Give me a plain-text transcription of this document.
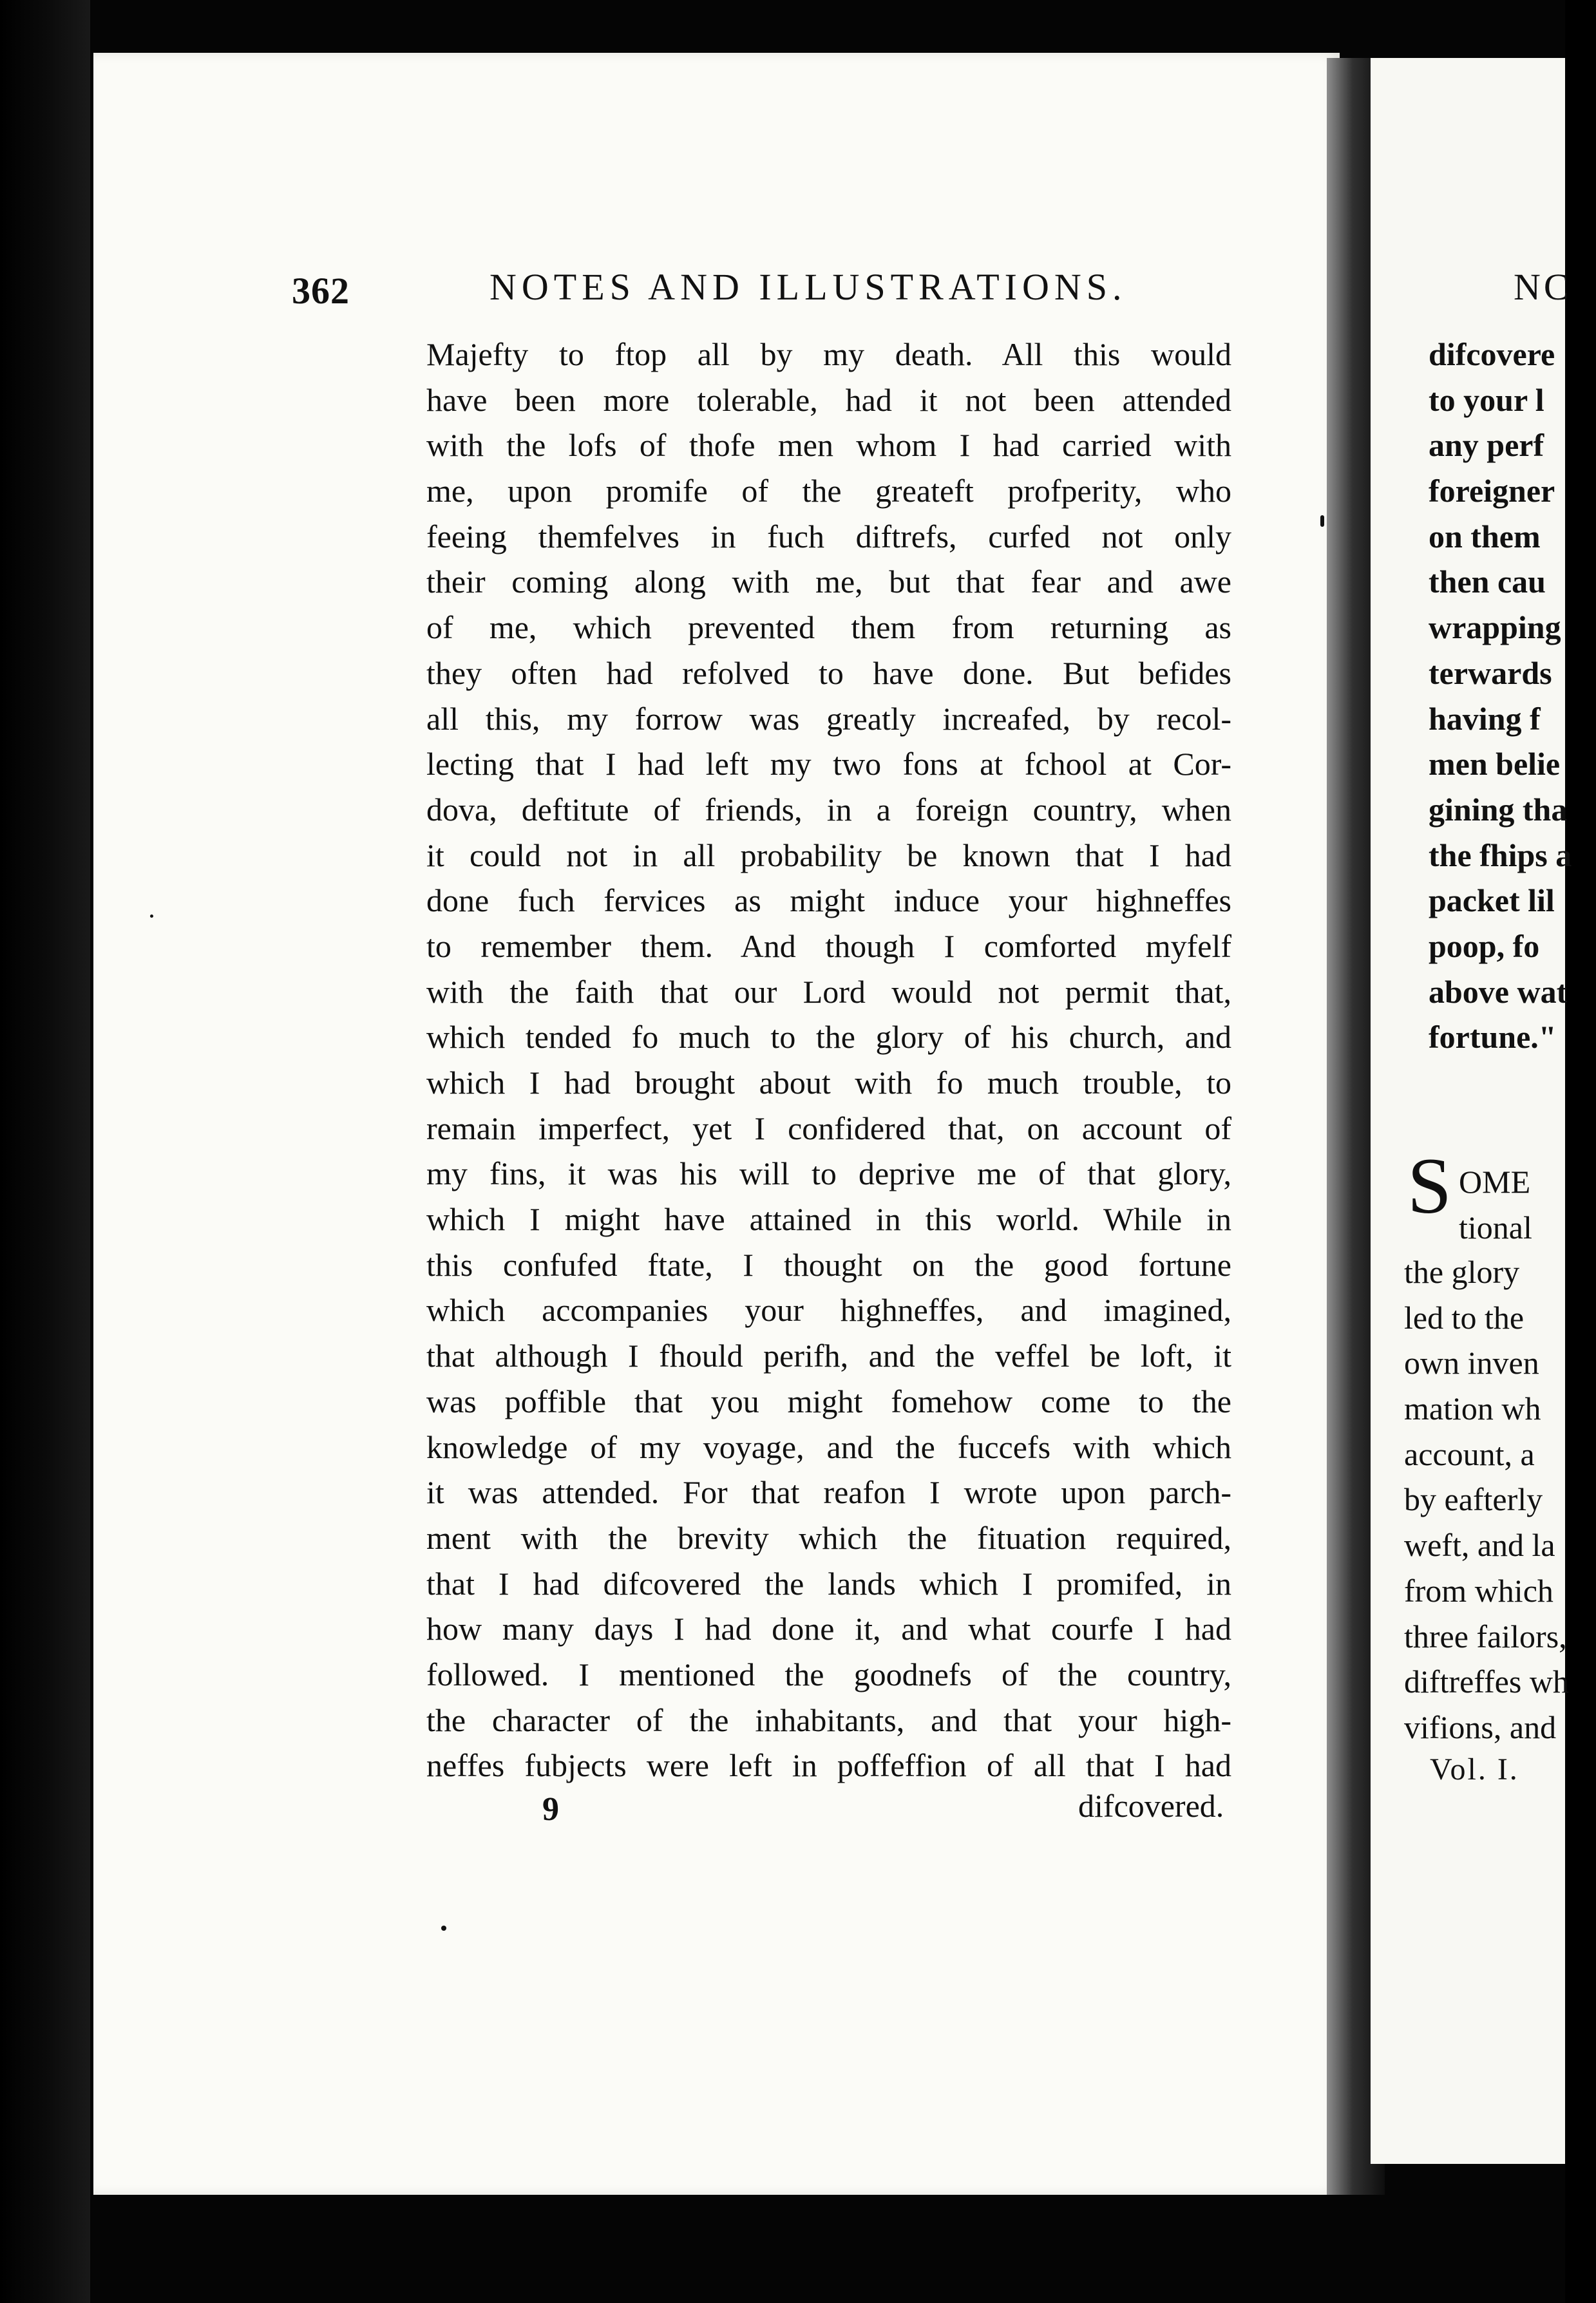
362	NOTES AND ILLUSTRATIONS.
Majefty to ftop all by my death. All this would
have been more tolerable, had it not been attended
with the lofs of thofe men whom I had carried with
me, upon promife of the greateft profperity, who
feeing themfelves in fuch diftrefs, curfed not only
their coming along with me, but that fear and awe
of me, which prevented them from returning as
they often had refolved to have done. But befides
all this, my forrow was greatly increafed, by recol-
lecting that I had left my two fons at fchool at Cor-
dova, deftitute of friends, in a foreign country, when
it could not in all probability be known that I had
done fuch fervices as might induce your highneffes
to remember them. And though I comforted myfelf
with the faith that our Lord would not permit that,
which tended fo much to the glory of his church, and
which I had brought about with fo much trouble, to
remain imperfect, yet I confidered that, on account of
my fins, it was his will to deprive me of that glory,
which I might have attained in this world. While in
this confufed ftate, I thought on the good fortune
which accompanies your highneffes, and imagined,
that although I fhould perifh, and the veffel be loft, it
was poffible that you might fomehow come to the
knowledge of my voyage, and the fuccefs with which
it was attended. For that reafon I wrote upon parch-
ment with the brevity which the fituation required,
that I had difcovered the lands which I promifed, in
how many days I had done it, and what courfe I had
followed. I mentioned the goodnefs of the country,
the character of the inhabitants, and that your high-
neffes fubjects were left in poffeffion of all that I had
9	difcovered.
NC
difcovere
to your l
any perf
foreigner
on them
then cau
wrapping
terwards
having f
men belie
gining tha
the fhips a
packet lil
poop, fo
above wat
fortune."
S OME
tional
the glory
led to the
own inven
mation wh
account, a
by eafterly
weft, and la
from which
three failors,
diftreffes wh
vifions, and
Vol. I.
